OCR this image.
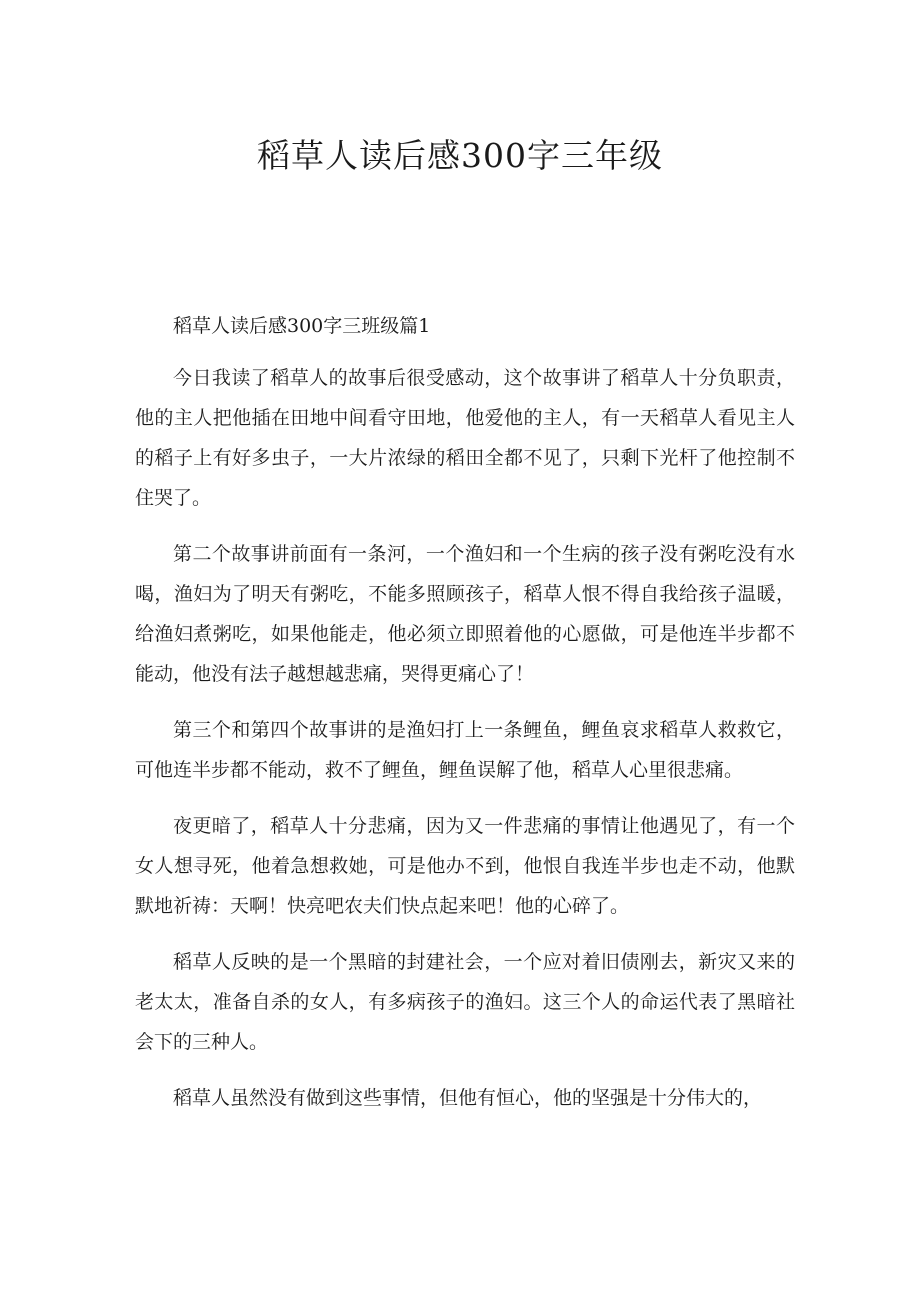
稻草人读后感300字三年级

稻草人读后感300字三班级篇1

今日我读了稻草人的故事后很受感动，这个故事讲了稻草人十分负职责，他的主人把他插在田地中间看守田地，他爱他的主人，有一天稻草人看见主人的稻子上有好多虫子，一大片浓绿的稻田全都不见了，只剩下光杆了他控制不住哭了。

第二个故事讲前面有一条河，一个渔妇和一个生病的孩子没有粥吃没有水喝，渔妇为了明天有粥吃，不能多照顾孩子，稻草人恨不得自我给孩子温暖，给渔妇煮粥吃，如果他能走，他必须立即照着他的心愿做，可是他连半步都不能动，他没有法子越想越悲痛，哭得更痛心了！

第三个和第四个故事讲的是渔妇打上一条鲤鱼，鲤鱼哀求稻草人救救它，可他连半步都不能动，救不了鲤鱼，鲤鱼误解了他，稻草人心里很悲痛。

夜更暗了，稻草人十分悲痛，因为又一件悲痛的事情让他遇见了，有一个女人想寻死，他着急想救她，可是他办不到，他恨自我连半步也走不动，他默默地祈祷：天啊！快亮吧农夫们快点起来吧！他的心碎了。

稻草人反映的是一个黑暗的封建社会，一个应对着旧债刚去，新灾又来的老太太，准备自杀的女人，有多病孩子的渔妇。这三个人的命运代表了黑暗社会下的三种人。

稻草人虽然没有做到这些事情，但他有恒心，他的坚强是十分伟大的，
